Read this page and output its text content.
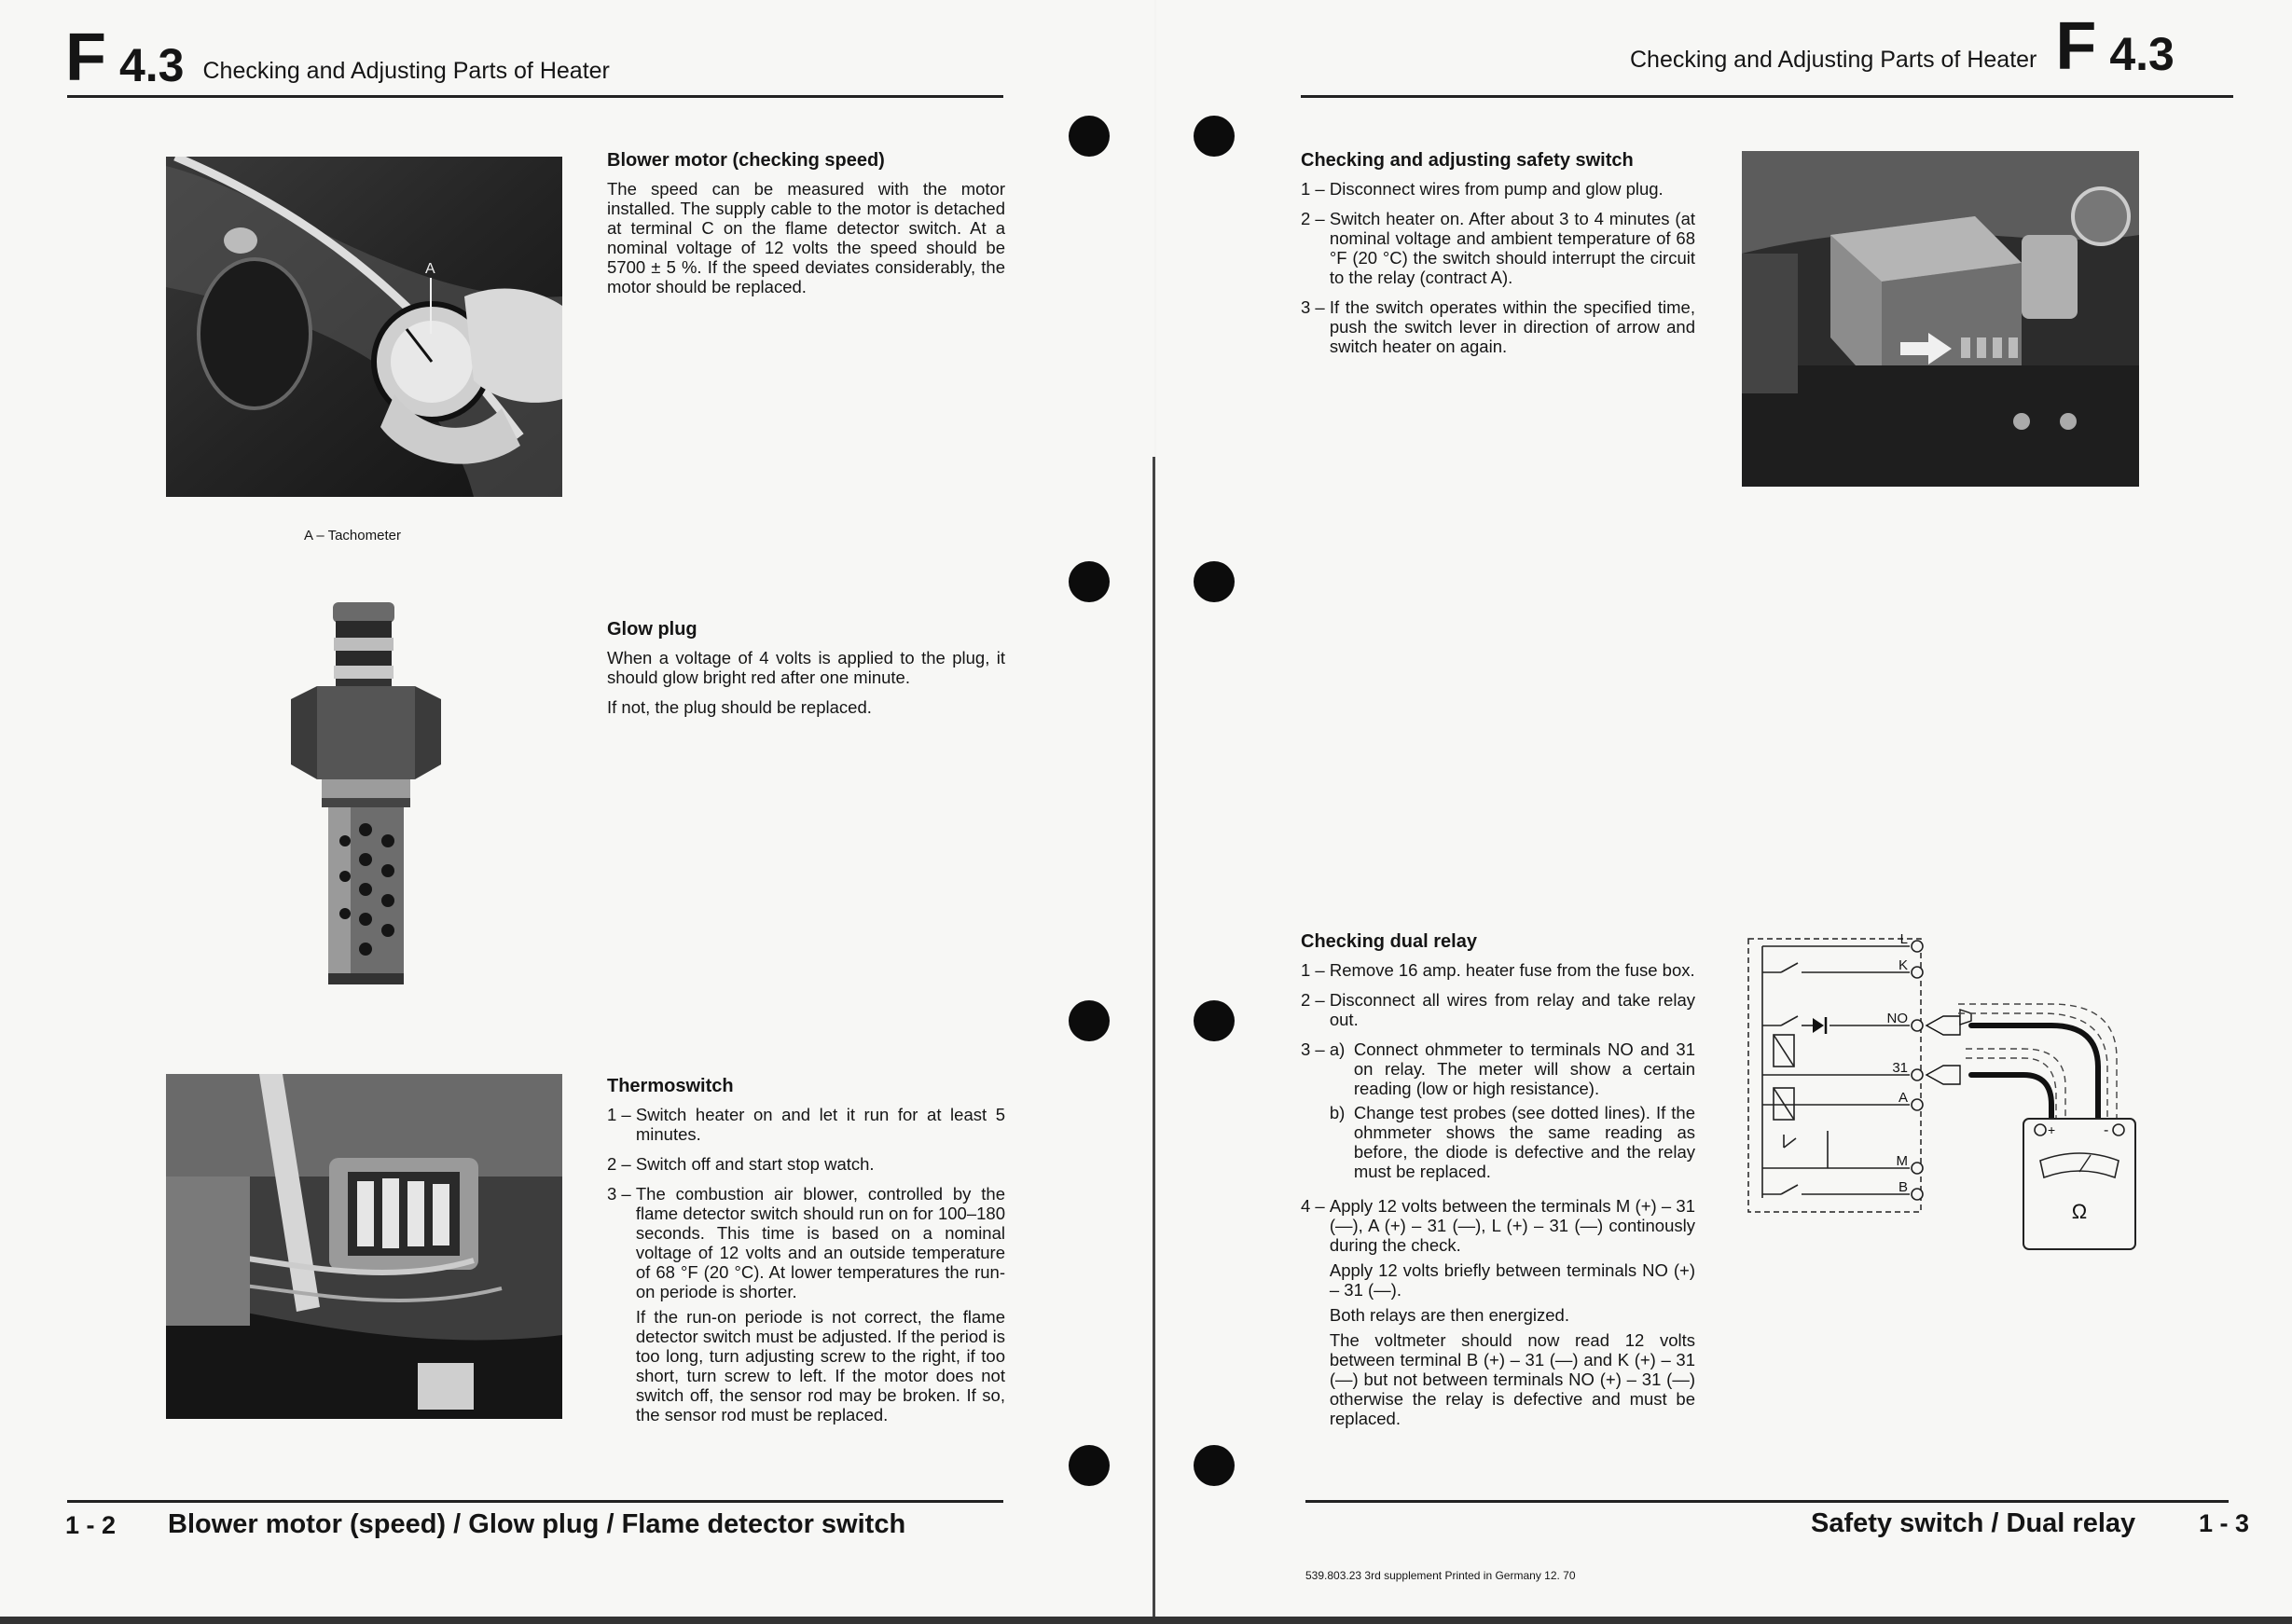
F 4.3 Checking and Adjusting Parts of Heater
A
A – Tachometer
Blower motor (checking speed)

The speed can be measured with the motor installed. The supply cable to the motor is detached at terminal C on the flame detector switch. At a nominal voltage of 12 volts the speed should be 5700 ± 5 %. If the speed deviates considerably, the motor should be replaced.

Glow plug

When a voltage of 4 volts is applied to the plug, it should glow bright red after one minute.

If not, the plug should be replaced.

Thermoswitch
1 – Switch heater on and let it run for at least 5 minutes.
2 – Switch off and start stop watch.
3 – The combustion air blower, controlled by the flame detector switch should run on for 100–180 seconds. This time is based on a nominal voltage of 12 volts and an outside temperature of 68 °F (20 °C). At lower temperatures the run-on periode is shorter.

If the run-on periode is not correct, the flame detector switch must be adjusted. If the period is too long, turn adjusting screw to the right, if too short, turn screw to left. If the motor does not switch off, the sensor rod may be broken. If so, the sensor rod must be replaced.

1 - 2 Blower motor (speed) / Glow plug / Flame detector switch
Checking and Adjusting Parts of Heater F 4.3
Checking and adjusting safety switch
1 – Disconnect wires from pump and glow plug.
2 – Switch heater on. After about 3 to 4 minutes (at nominal voltage and ambient temperature of 68 °F (20 °C) the switch should interrupt the circuit to the relay (contract A).
3 – If the switch operates within the specified time, push the switch lever in direction of arrow and switch heater on again.
Checking dual relay
1 – Remove 16 amp. heater fuse from the fuse box.
2 – Disconnect all wires from relay and take relay out.
3 – a) Connect ohmmeter to terminals NO and 31 on relay. The meter will show a certain reading (low or high resistance).
b) Change test probes (see dotted lines). If the ohmmeter shows the same reading as before, the diode is defective and the relay must be replaced.
4 – Apply 12 volts between the terminals M (+) – 31 (—), A (+) – 31 (—), L (+) – 31 (—) continously during the check.

Apply 12 volts briefly between terminals NO (+) – 31 (—).

Both relays are then energized.

The voltmeter should now read 12 volts between terminal B (+) – 31 (—) and K (+) – 31 (—) but not between terminals NO (+) – 31 (—) otherwise the relay is defective and must be replaced.

L
K
NO
31
A
M
B
+	-
Ω
Safety switch / Dual relay	1 - 3
539.803.23 3rd supplement Printed in Germany 12. 70
